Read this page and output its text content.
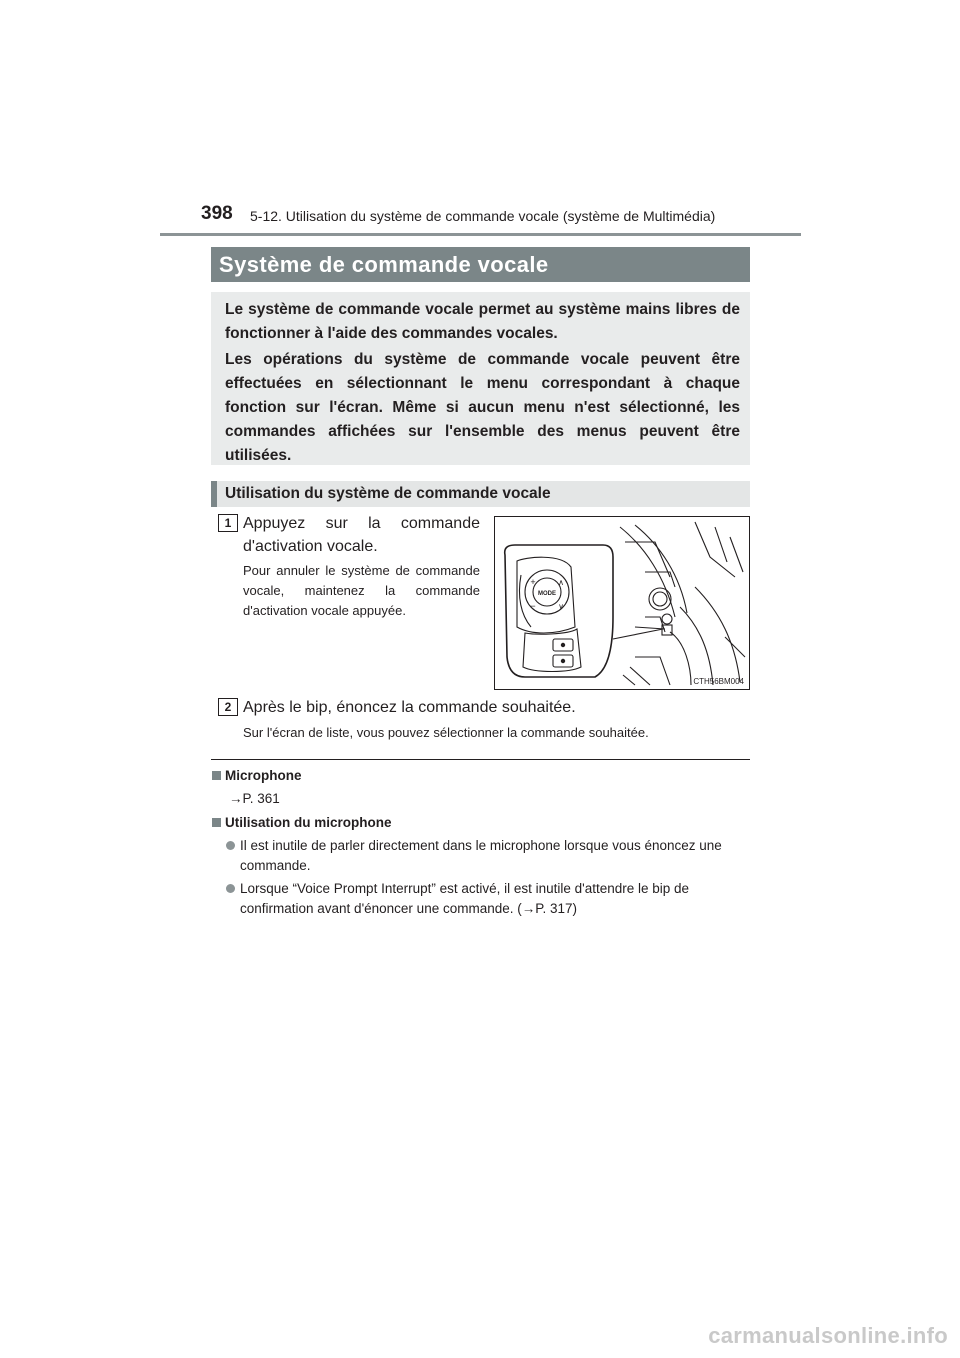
398 5-12. Utilisation du système de commande vocale (système de Multimédia)
Système de commande vocale

Le système de commande vocale permet au système mains libres de fonctionner à l'aide des commandes vocales.

Les opérations du système de commande vocale peuvent être effectuées en sélectionnant le menu correspondant à chaque fonction sur l'écran. Même si aucun menu n'est sélectionné, les commandes affichées sur l'ensemble des menus peuvent être utilisées.

Utilisation du système de commande vocale
1 Appuyez sur la commande d'activation vocale.
Pour annuler le système de commande vocale, maintenez la commande d'activation vocale appuyée.
MODE
+
−
∧
∨
CTH56BM004
2 Après le bip, énoncez la commande souhaitée.
Sur l'écran de liste, vous pouvez sélectionner la commande souhaitée.
Microphone
→P. 361
Utilisation du microphone
Il est inutile de parler directement dans le microphone lorsque vous énoncez une commande.
Lorsque “Voice Prompt Interrupt” est activé, il est inutile d'attendre le bip de confirmation avant d'énoncer une commande. (→P. 317)
carmanualsonline.info
